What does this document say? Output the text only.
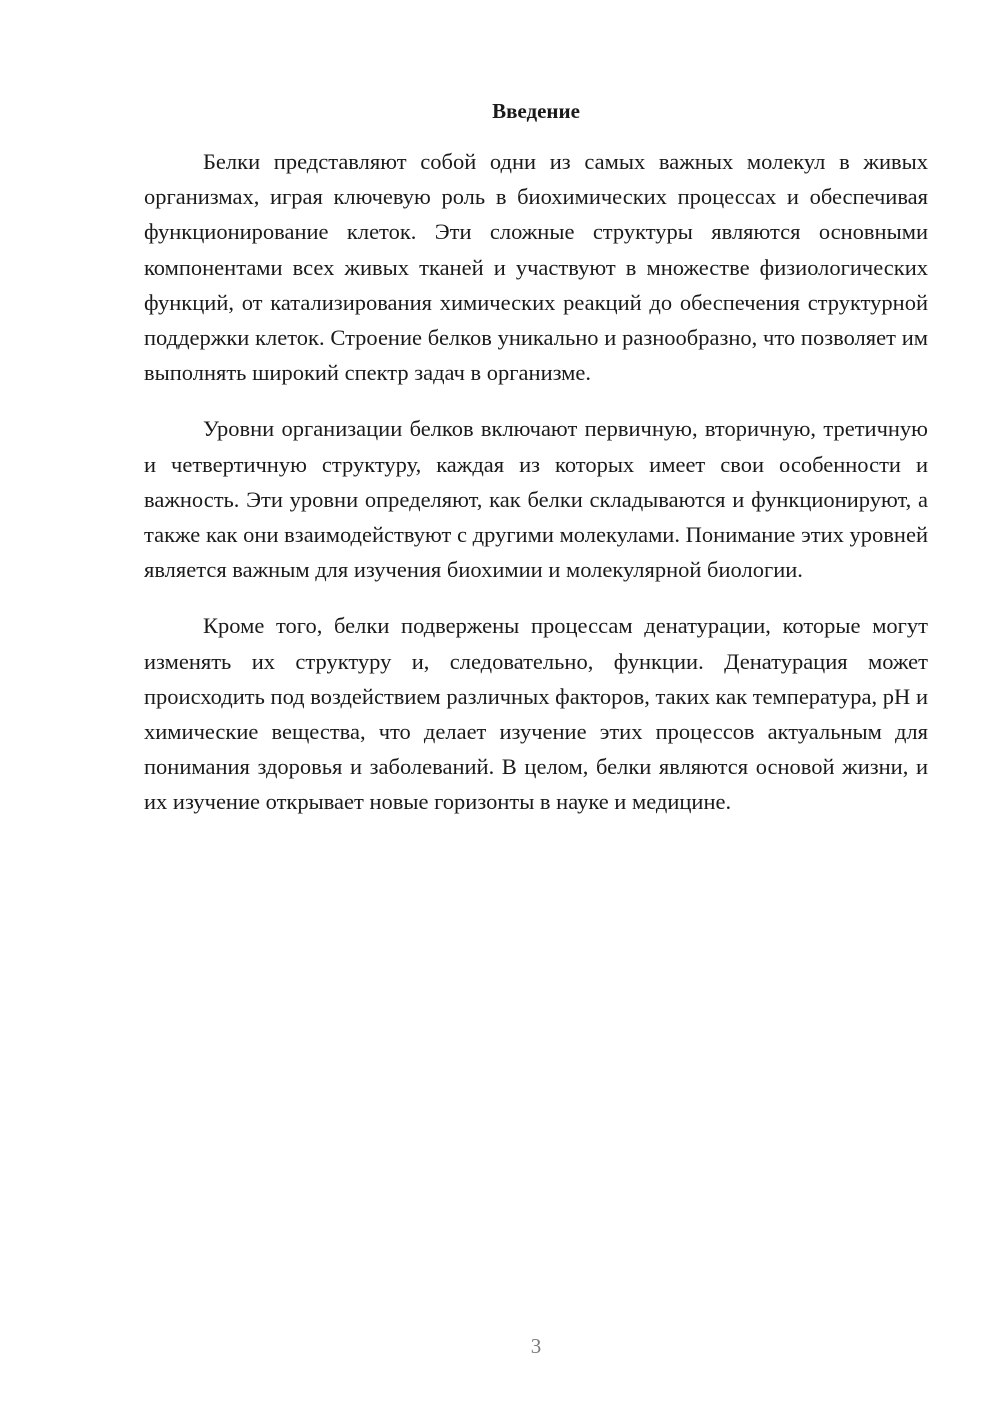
Введение

Белки представляют собой одни из самых важных молекул в живых организмах, играя ключевую роль в биохимических процессах и обеспечивая функционирование клеток. Эти сложные структуры являются основными компонентами всех живых тканей и участвуют в множестве физиологических функций, от катализирования химических реакций до обеспечения структурной поддержки клеток. Строение белков уникально и разнообразно, что позволяет им выполнять широкий спектр задач в организме.

Уровни организации белков включают первичную, вторичную, третичную и четвертичную структуру, каждая из которых имеет свои особенности и важность. Эти уровни определяют, как белки складываются и функционируют, а также как они взаимодействуют с другими молекулами. Понимание этих уровней является важным для изучения биохимии и молекулярной биологии.

Кроме того, белки подвержены процессам денатурации, которые могут изменять их структуру и, следовательно, функции. Денатурация может происходить под воздействием различных факторов, таких как температура, pH и химические вещества, что делает изучение этих процессов актуальным для понимания здоровья и заболеваний. В целом, белки являются основой жизни, и их изучение открывает новые горизонты в науке и медицине.

3
